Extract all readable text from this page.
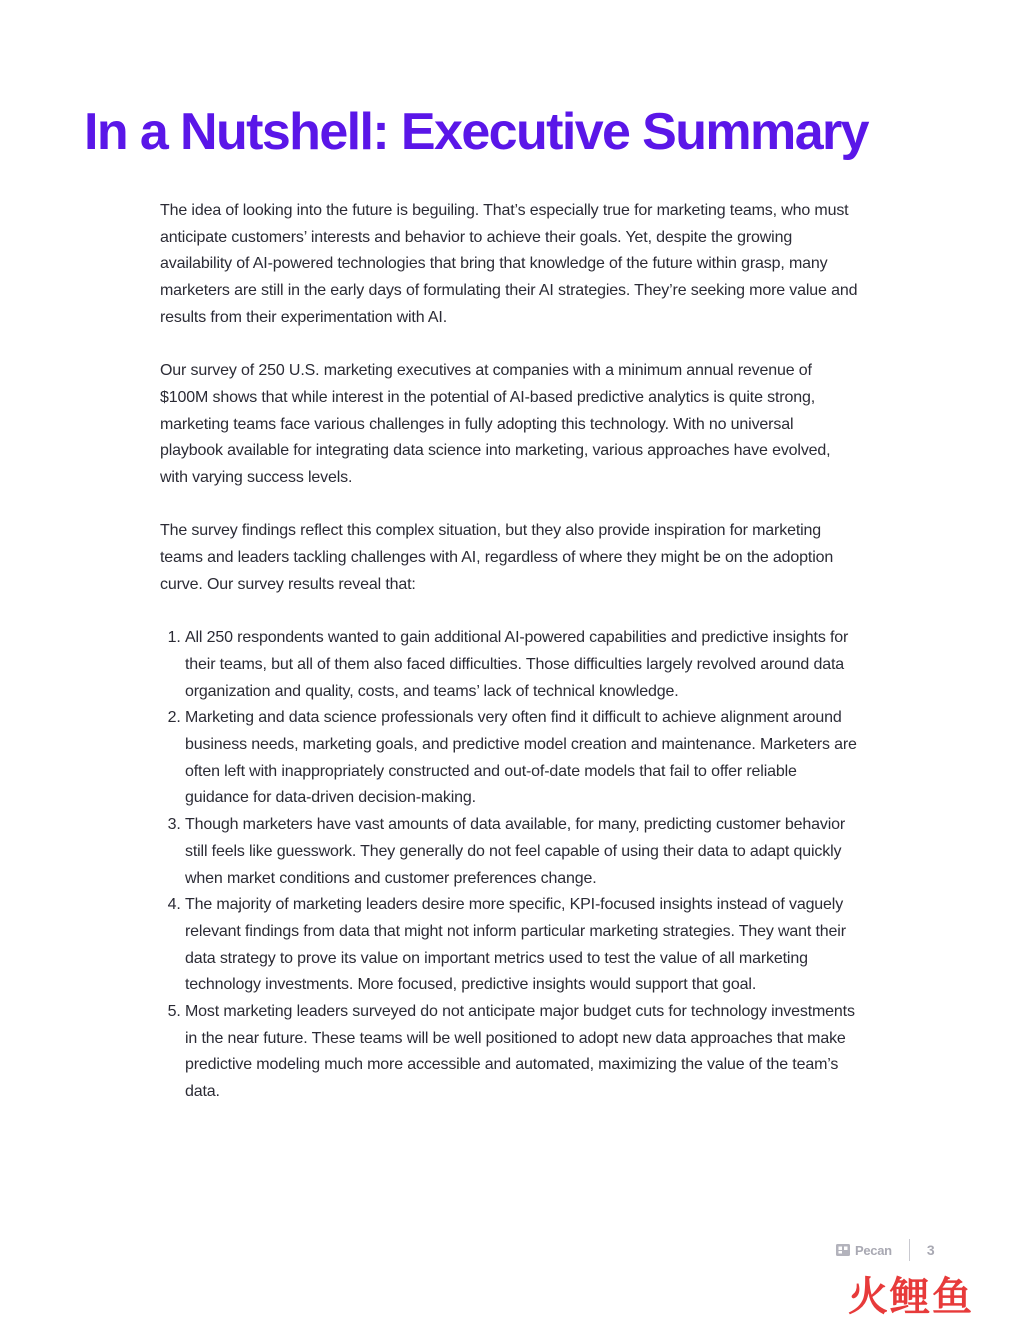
In a Nutshell: Executive Summary

The idea of looking into the future is beguiling. That’s especially true for marketing teams, who must anticipate customers’ interests and behavior to achieve their goals. Yet, despite the growing availability of AI-powered technologies that bring that knowledge of the future within grasp, many marketers are still in the early days of formulating their AI strategies. They’re seeking more value and results from their experimentation with AI.

Our survey of 250 U.S. marketing executives at companies with a minimum annual revenue of $100M shows that while interest in the potential of AI-based predictive analytics is quite strong, marketing teams face various challenges in fully adopting this technology. With no universal playbook available for integrating data science into marketing, various approaches have evolved, with varying success levels.

The survey findings reflect this complex situation, but they also provide inspiration for marketing teams and leaders tackling challenges with AI, regardless of where they might be on the adoption curve. Our survey results reveal that:

1. All 250 respondents wanted to gain additional AI-powered capabilities and predictive insights for their teams, but all of them also faced difficulties. Those difficulties largely revolved around data organization and quality, costs, and teams’ lack of technical knowledge.
2. Marketing and data science professionals very often find it difficult to achieve alignment around business needs, marketing goals, and predictive model creation and maintenance. Marketers are often left with inappropriately constructed and out-of-date models that fail to offer reliable guidance for data-driven decision-making.
3. Though marketers have vast amounts of data available, for many, predicting customer behavior still feels like guesswork. They generally do not feel capable of using their data to adapt quickly when market conditions and customer preferences change.
4. The majority of marketing leaders desire more specific, KPI-focused insights instead of vaguely relevant findings from data that might not inform particular marketing strategies. They want their data strategy to prove its value on important metrics used to test the value of all marketing technology investments. More focused, predictive insights would support that goal.
5. Most marketing leaders surveyed do not anticipate major budget cuts for technology investments in the near future. These teams will be well positioned to adopt new data approaches that make predictive modeling much more accessible and automated, maximizing the value of the team’s data.
Pecan	3
火鲤鱼
